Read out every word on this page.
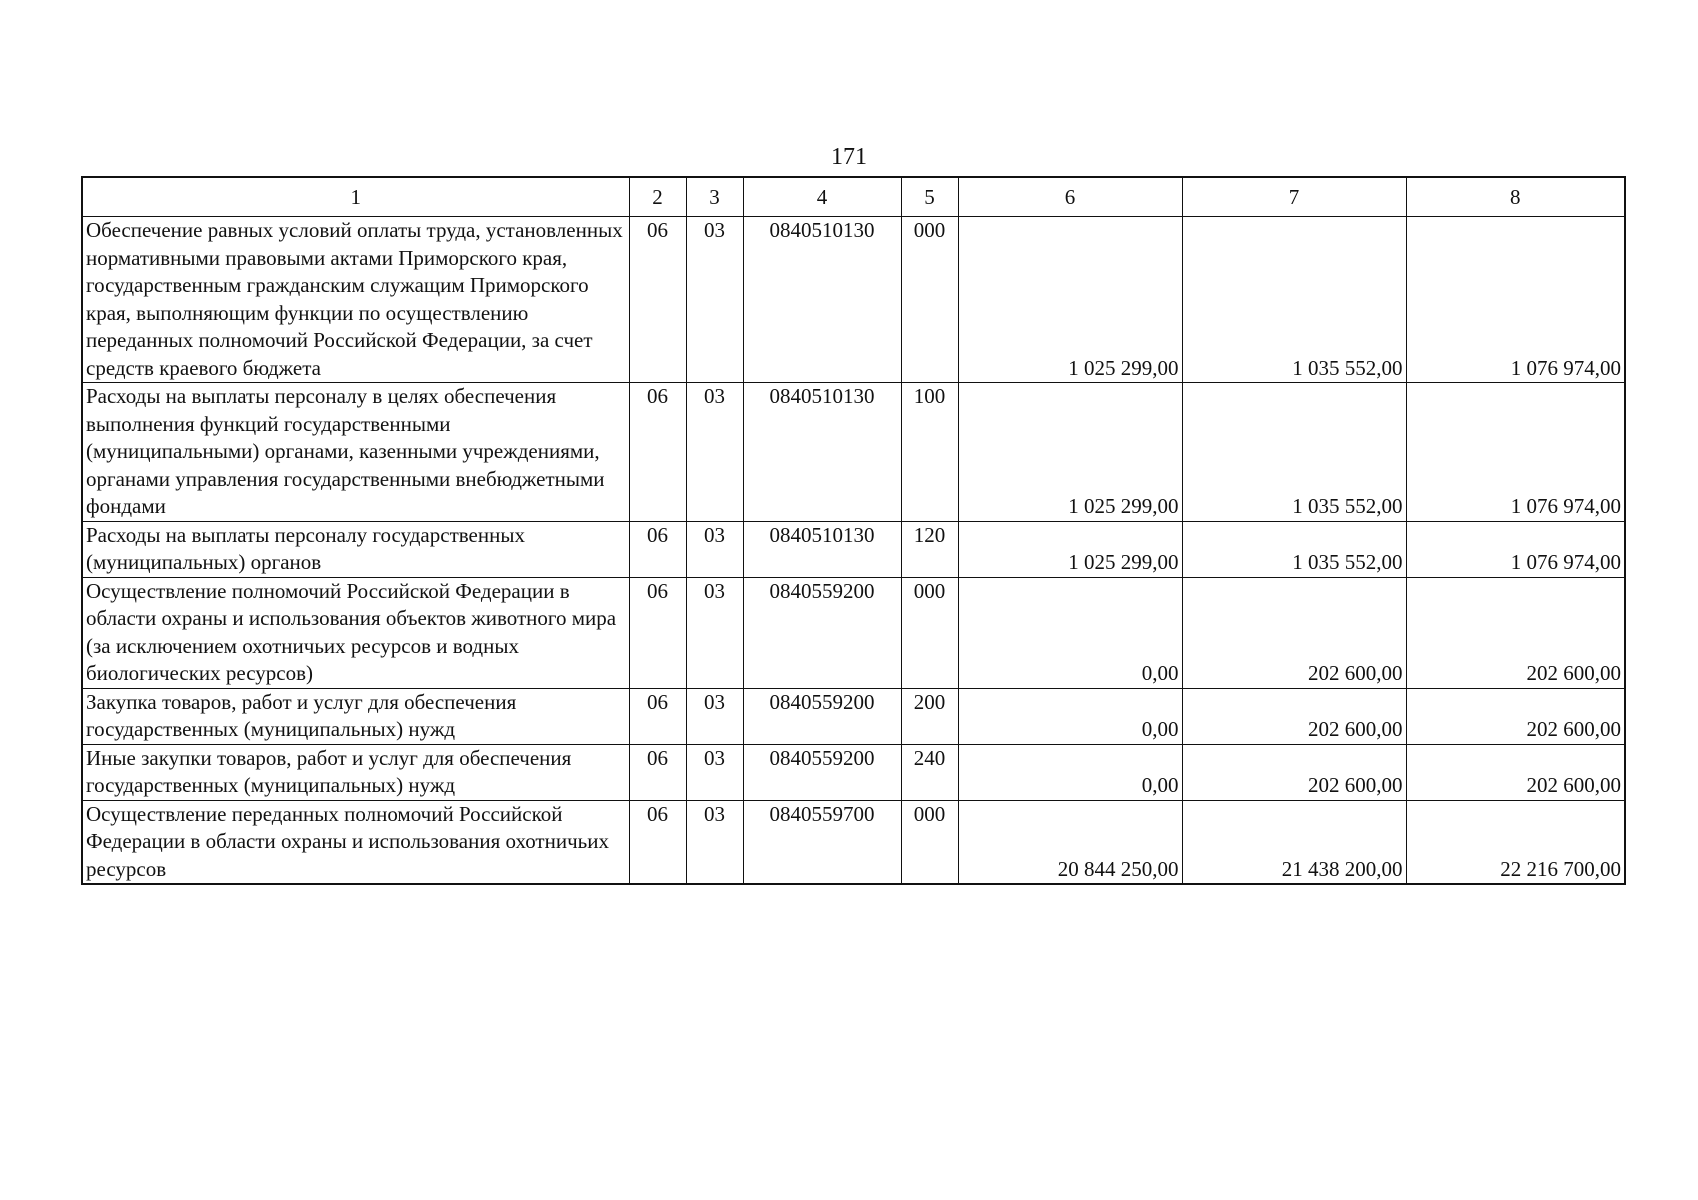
171
1	2	3	4	5	6	7	8
Обеспечение равных условий оплаты труда, установленных нормативными правовыми актами Приморского края, государственным гражданским служащим Приморского края, выполняющим функции по осуществлению переданных полномочий Российской Федерации, за счет средств краевого бюджета	06	03	0840510130	000	1 025 299,00	1 035 552,00	1 076 974,00
Расходы на выплаты персоналу в целях обеспечения выполнения функций государственными (муниципальными) органами, казенными учреждениями, органами управления государственными внебюджетными фондами	06	03	0840510130	100	1 025 299,00	1 035 552,00	1 076 974,00
Расходы на выплаты персоналу государственных (муниципальных) органов	06	03	0840510130	120	1 025 299,00	1 035 552,00	1 076 974,00
Осуществление полномочий Российской Федерации в области охраны и использования объектов животного мира (за исключением охотничьих ресурсов и водных биологических ресурсов)	06	03	0840559200	000	0,00	202 600,00	202 600,00
Закупка товаров, работ и услуг для обеспечения государственных (муниципальных) нужд	06	03	0840559200	200	0,00	202 600,00	202 600,00
Иные закупки товаров, работ и услуг для обеспечения государственных (муниципальных) нужд	06	03	0840559200	240	0,00	202 600,00	202 600,00
Осуществление переданных полномочий Российской Федерации в области охраны и использования охотничьих ресурсов	06	03	0840559700	000	20 844 250,00	21 438 200,00	22 216 700,00
